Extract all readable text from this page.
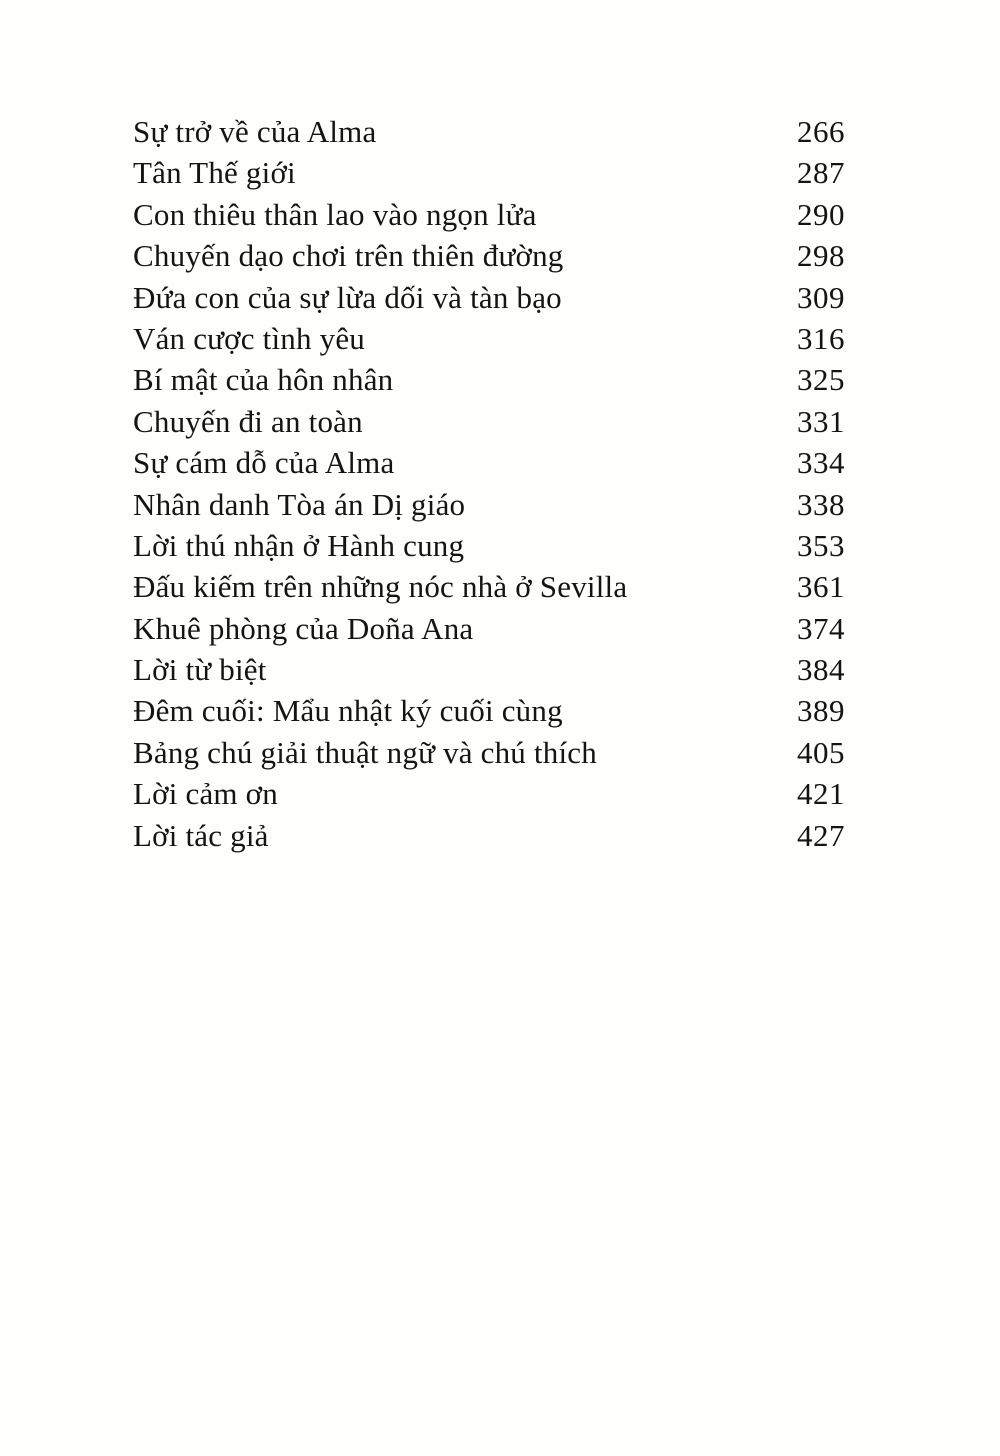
Sự trở về của Alma	266
Tân Thế giới	287
Con thiêu thân lao vào ngọn lửa	290
Chuyến dạo chơi trên thiên đường	298
Đứa con của sự lừa dối và tàn bạo	309
Ván cược tình yêu	316
Bí mật của hôn nhân	325
Chuyến đi an toàn	331
Sự cám dỗ của Alma	334
Nhân danh Tòa án Dị giáo	338
Lời thú nhận ở Hành cung	353
Đấu kiếm trên những nóc nhà ở Sevilla	361
Khuê phòng của Doña Ana	374
Lời từ biệt	384
Đêm cuối: Mẩu nhật ký cuối cùng	389
Bảng chú giải thuật ngữ và chú thích	405
Lời cảm ơn	421
Lời tác giả	427
